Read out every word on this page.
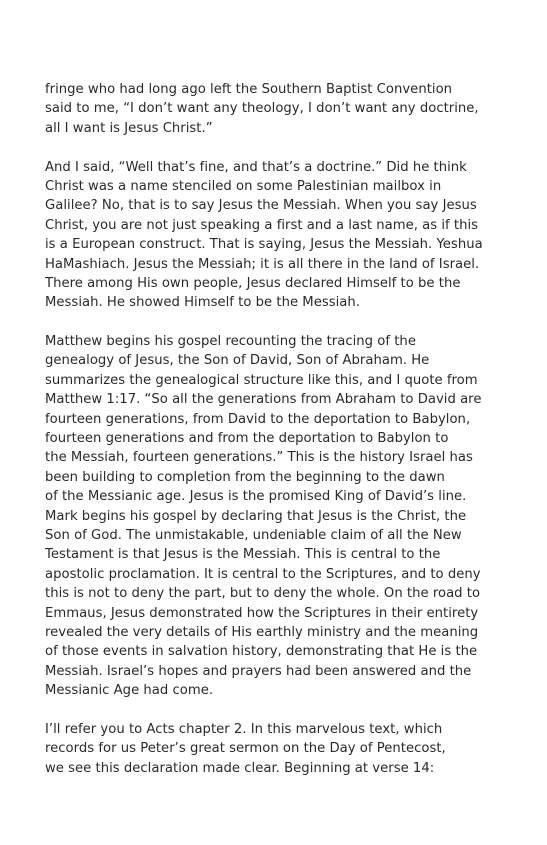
fringe who had long ago left the Southern Baptist Convention
said to me, “I don’t want any theology, I don’t want any doctrine,
all I want is Jesus Christ.”
And I said, “Well that’s fine, and that’s a doctrine.” Did he think
Christ was a name stenciled on some Palestinian mailbox in
Galilee? No, that is to say Jesus the Messiah. When you say Jesus
Christ, you are not just speaking a first and a last name, as if this
is a European construct. That is saying, Jesus the Messiah. Yeshua
HaMashiach. Jesus the Messiah; it is all there in the land of Israel.
There among His own people, Jesus declared Himself to be the
Messiah. He showed Himself to be the Messiah.
Matthew begins his gospel recounting the tracing of the
genealogy of Jesus, the Son of David, Son of Abraham. He
summarizes the genealogical structure like this, and I quote from
Matthew 1:17. “So all the generations from Abraham to David are
fourteen generations, from David to the deportation to Babylon,
fourteen generations and from the deportation to Babylon to
the Messiah, fourteen generations.” This is the history Israel has
been building to completion from the beginning to the dawn
of the Messianic age. Jesus is the promised King of David’s line.
Mark begins his gospel by declaring that Jesus is the Christ, the
Son of God. The unmistakable, undeniable claim of all the New
Testament is that Jesus is the Messiah. This is central to the
apostolic proclamation. It is central to the Scriptures, and to deny
this is not to deny the part, but to deny the whole. On the road to
Emmaus, Jesus demonstrated how the Scriptures in their entirety
revealed the very details of His earthly ministry and the meaning
of those events in salvation history, demonstrating that He is the
Messiah. Israel’s hopes and prayers had been answered and the
Messianic Age had come.
I’ll refer you to Acts chapter 2. In this marvelous text, which
records for us Peter’s great sermon on the Day of Pentecost,
we see this declaration made clear. Beginning at verse 14:
